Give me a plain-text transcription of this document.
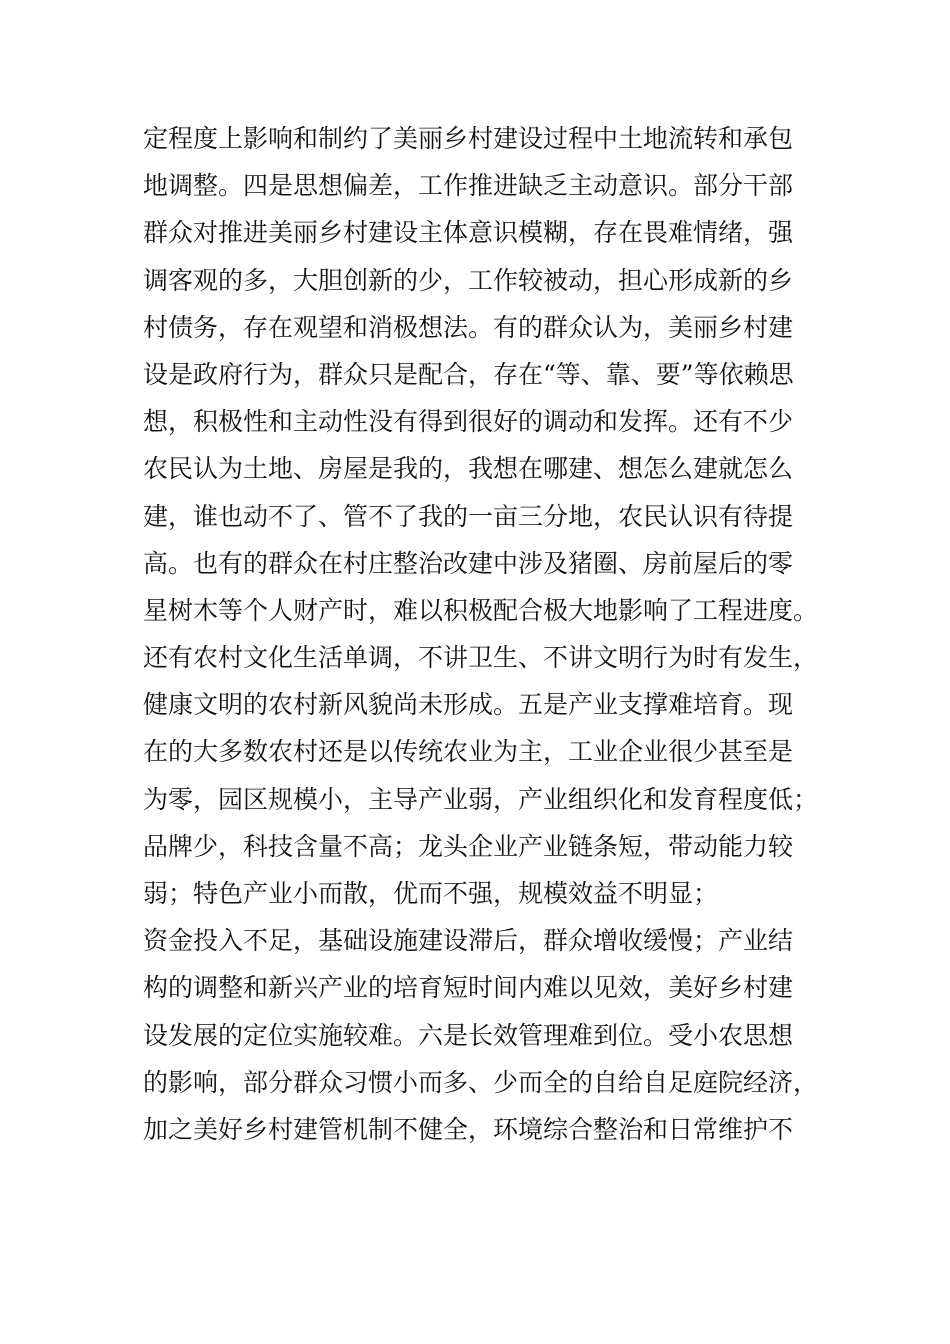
定程度上影响和制约了美丽乡村建设过程中土地流转和承包
地调整。四是思想偏差，工作推进缺乏主动意识。部分干部
群众对推进美丽乡村建设主体意识模糊，存在畏难情绪，强
调客观的多，大胆创新的少，工作较被动，担心形成新的乡
村债务，存在观望和消极想法。有的群众认为，美丽乡村建
设是政府行为，群众只是配合，存在“等、靠、要”等依赖思
想，积极性和主动性没有得到很好的调动和发挥。还有不少
农民认为土地、房屋是我的，我想在哪建、想怎么建就怎么
建，谁也动不了、管不了我的一亩三分地，农民认识有待提
高。也有的群众在村庄整治改建中涉及猪圈、房前屋后的零
星树木等个人财产时，难以积极配合极大地影响了工程进度。
还有农村文化生活单调，不讲卫生、不讲文明行为时有发生，
健康文明的农村新风貌尚未形成。五是产业支撑难培育。现
在的大多数农村还是以传统农业为主，工业企业很少甚至是
为零，园区规模小，主导产业弱，产业组织化和发育程度低；
品牌少，科技含量不高；龙头企业产业链条短，带动能力较
弱；特色产业小而散，优而不强，规模效益不明显；
资金投入不足，基础设施建设滞后，群众增收缓慢；产业结
构的调整和新兴产业的培育短时间内难以见效，美好乡村建
设发展的定位实施较难。六是长效管理难到位。受小农思想
的影响，部分群众习惯小而多、少而全的自给自足庭院经济，
加之美好乡村建管机制不健全，环境综合整治和日常维护不
